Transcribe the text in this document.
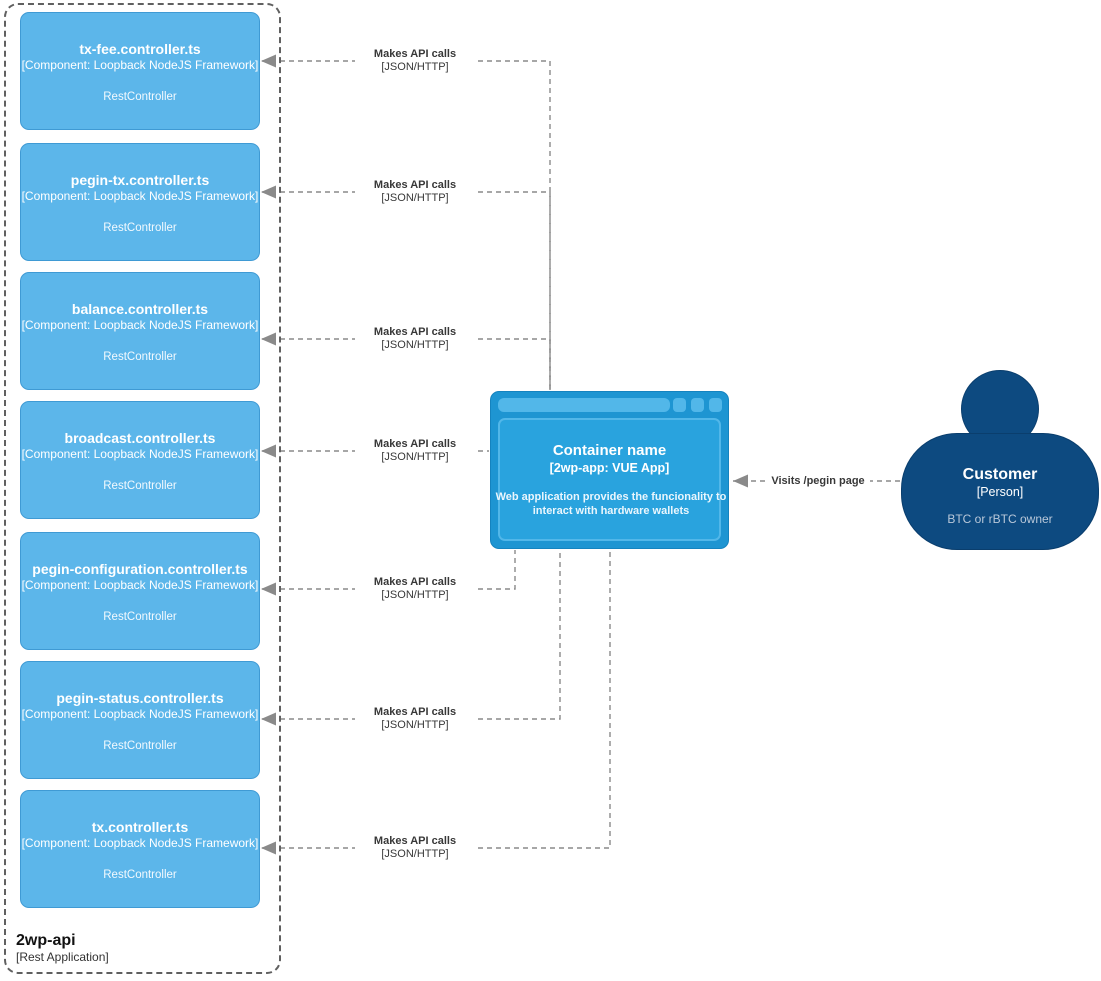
2wp-api
[Rest Application]
tx-fee.controller.ts
[Component: Loopback NodeJS Framework]
RestController
pegin-tx.controller.ts
[Component: Loopback NodeJS Framework]
RestController
balance.controller.ts
[Component: Loopback NodeJS Framework]
RestController
broadcast.controller.ts
[Component: Loopback NodeJS Framework]
RestController
pegin-configuration.controller.ts
[Component: Loopback NodeJS Framework]
RestController
pegin-status.controller.ts
[Component: Loopback NodeJS Framework]
RestController
tx.controller.ts
[Component: Loopback NodeJS Framework]
RestController
Container name
[2wp-app: VUE App]
Web application provides the funcionality to interact with hardware wallets
Customer
[Person]
BTC or rBTC owner
Makes API calls
[JSON/HTTP]
Makes API calls
[JSON/HTTP]
Makes API calls
[JSON/HTTP]
Makes API calls
[JSON/HTTP]
Makes API calls
[JSON/HTTP]
Makes API calls
[JSON/HTTP]
Makes API calls
[JSON/HTTP]
Visits /pegin page
